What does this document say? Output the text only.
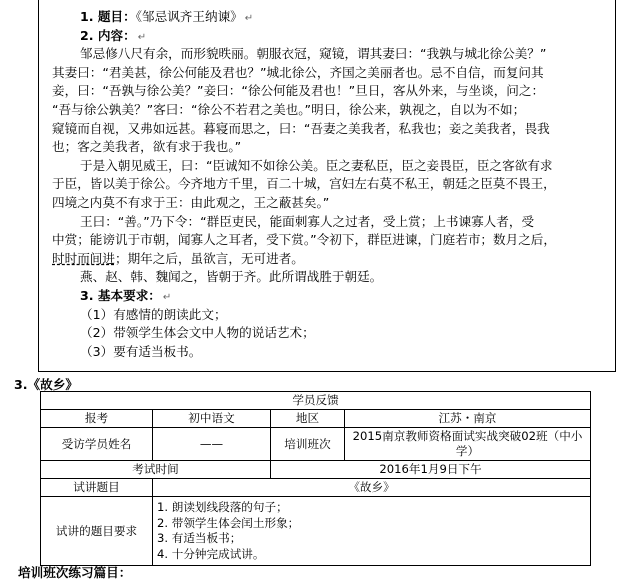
1. 题目：《邹忌讽齐王纳谏》 ↵
2. 内容： ↵
邹忌修八尺有余，而形貌昳丽。朝服衣冠，窥镜，谓其妻曰：“我孰与城北徐公美？”
其妻曰：“君美甚，徐公何能及君也？”城北徐公，齐国之美丽者也。忌不自信，而复问其
妾，曰：“吾孰与徐公美？”妾曰：“徐公何能及君也！”旦日，客从外来，与坐谈，问之：
“吾与徐公孰美？”客曰：“徐公不若君之美也。”明日，徐公来，孰视之，自以为不如；
窥镜而自视，又弗如远甚。暮寝而思之，曰：“吾妻之美我者，私我也；妾之美我者，畏我
也；客之美我者，欲有求于我也。”
于是入朝见威王，曰：“臣诚知不如徐公美。臣之妻私臣，臣之妾畏臣，臣之客欲有求
于臣，皆以美于徐公。今齐地方千里，百二十城，宫妇左右莫不私王，朝廷之臣莫不畏王，
四境之内莫不有求于王：由此观之，王之蔽甚矣。”
王曰：“善。”乃下令：“群臣吏民，能面刺寡人之过者，受上赏；上书谏寡人者，受
中赏；能谤讥于市朝，闻寡人之耳者，受下赏。”令初下，群臣进谏，门庭若市；数月之后，
时时而间进；期年之后，虽欲言，无可进者。
燕、赵、韩、魏闻之，皆朝于齐。此所谓战胜于朝廷。
3. 基本要求： ↵
（1）有感情的朗读此文；
（2）带领学生体会文中人物的说话艺术；
（3）要有适当板书。
3.《故乡》
学员反馈			
报考	初中语文	地区	江苏・南京
受访学员姓名	——	培训班次	2015南京教师资格面试实战突破02班（中小学）
考试时间		2016年1月9日下午	
试讲题目	《故乡》		
试讲的题目要求	1. 朗读划线段落的句子；
2. 带领学生体会闰土形象；
3. 有适当板书；
4. 十分钟完成试讲。		
培训班次练习篇目：
